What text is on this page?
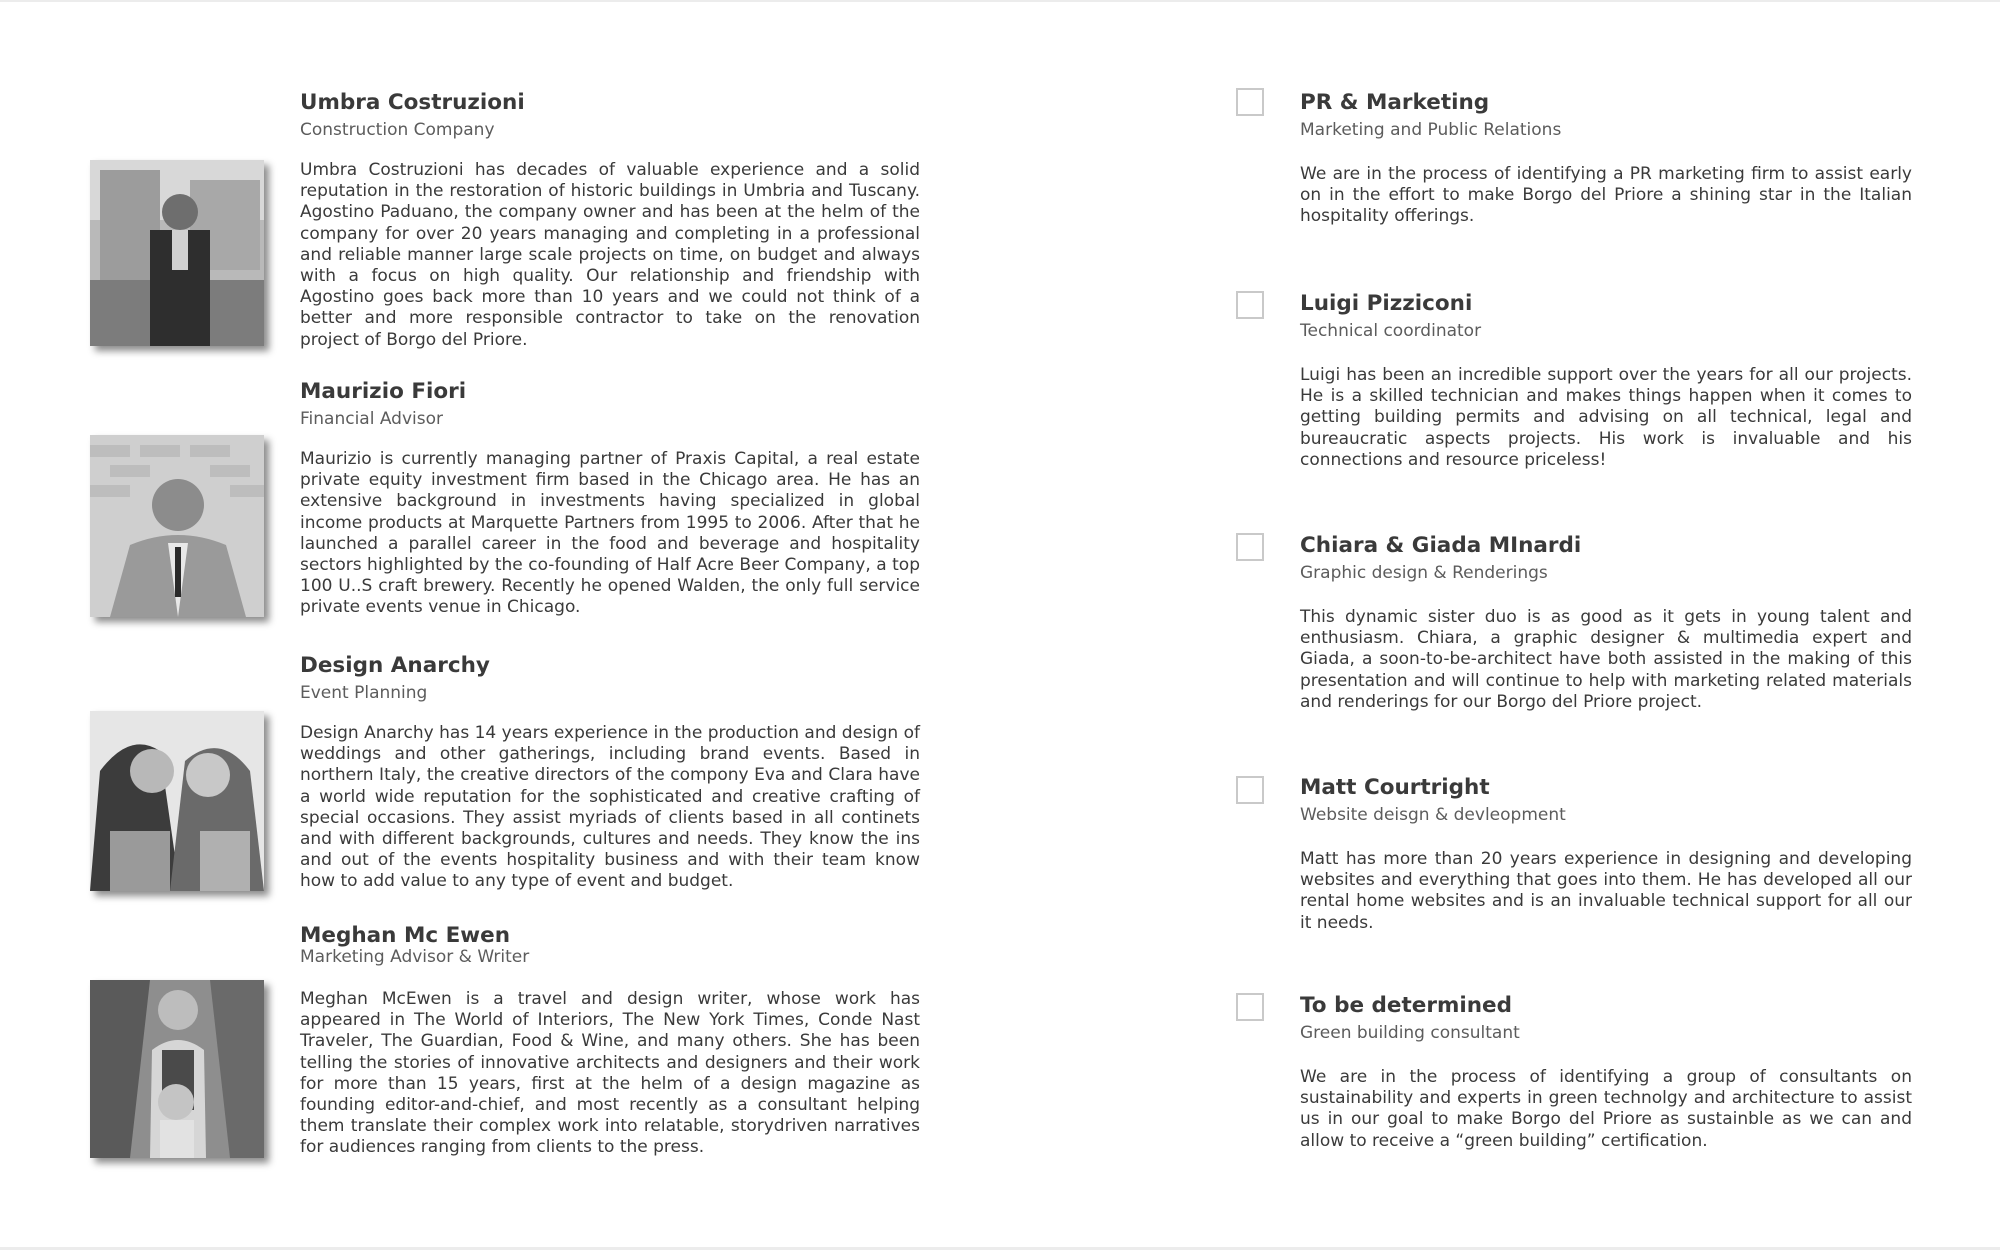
Umbra Costruzioni
Construction Company
Umbra Costruzioni has decades of valuable experience and a solid reputation in the restoration of historic buildings in Umbria and Tuscany. Agostino Paduano, the company owner and has been at the helm of the company for over 20 years managing and completing in a professional and reliable manner large scale projects on time, on budget and always with a focus on high quality. Our relationship and friendship with Agostino goes back more than 10 years and we could not think of a better and more responsible contractor to take on the renovation project of Borgo del Priore.
Maurizio Fiori
Financial Advisor
Maurizio is currently managing partner of Praxis Capital, a real estate private equity investment firm based in the Chicago area. He has an extensive background in investments having specialized in global income products at Marquette Partners from 1995 to 2006. After that he launched a parallel career in the food and beverage and hospitality sectors highlighted by the co-founding of Half Acre Beer Company, a top 100 U..S craft brewery. Recently he opened Walden, the only full service private events venue in Chicago.
Design Anarchy
Event Planning
Design Anarchy has 14 years experience in the production and design of weddings and other gatherings, including brand events. Based in northern Italy, the creative directors of the compony Eva and Clara have a world wide reputation for the sophisticated and creative crafting of special occasions. They assist myriads of clients based in all continets and with different backgrounds, cultures and needs. They know the ins and out of the events hospitality business and with their team know how to add value to any type of event and budget.
Meghan Mc Ewen
Marketing Advisor & Writer
Meghan McEwen is a travel and design writer, whose work has appeared in The World of Interiors, The New York Times, Conde Nast Traveler, The Guardian, Food & Wine, and many others. She has been telling the stories of innovative architects and designers and their work for more than 15 years, first at the helm of a design magazine as founding editor-and-chief, and most recently as a consultant helping them translate their complex work into relatable, storydriven narratives for audiences ranging from clients to the press.
PR & Marketing
Marketing and Public Relations
We are in the process of identifying a PR marketing firm to assist early on in the effort to make Borgo del Priore a shining star in the Italian hospitality offerings.
Luigi Pizziconi
Technical coordinator
Luigi has been an incredible support over the years for all our projects. He is a skilled technician and makes things happen when it comes to getting building permits and advising on all technical, legal and bureaucratic aspects projects. His work is invaluable and his connections and resource priceless!
Chiara & Giada MInardi
Graphic design & Renderings
This dynamic sister duo is as good as it gets in young talent and enthusiasm. Chiara, a graphic designer & multimedia expert and Giada, a soon-to-be-architect have both assisted in the making of this presentation and will continue to help with marketing related materials and renderings for our Borgo del Priore project.
Matt Courtright
Website deisgn & devleopment
Matt has more than 20 years experience in designing and developing websites and everything that goes into them. He has developed all our rental home websites and is an invaluable technical support for all our it needs.
To be determined
Green building consultant
We are in the process of identifying a group of consultants on sustainability and experts in green technolgy and architecture to assist us in our goal to make Borgo del Priore as sustainble as we can and allow to receive a “green building” certification.
